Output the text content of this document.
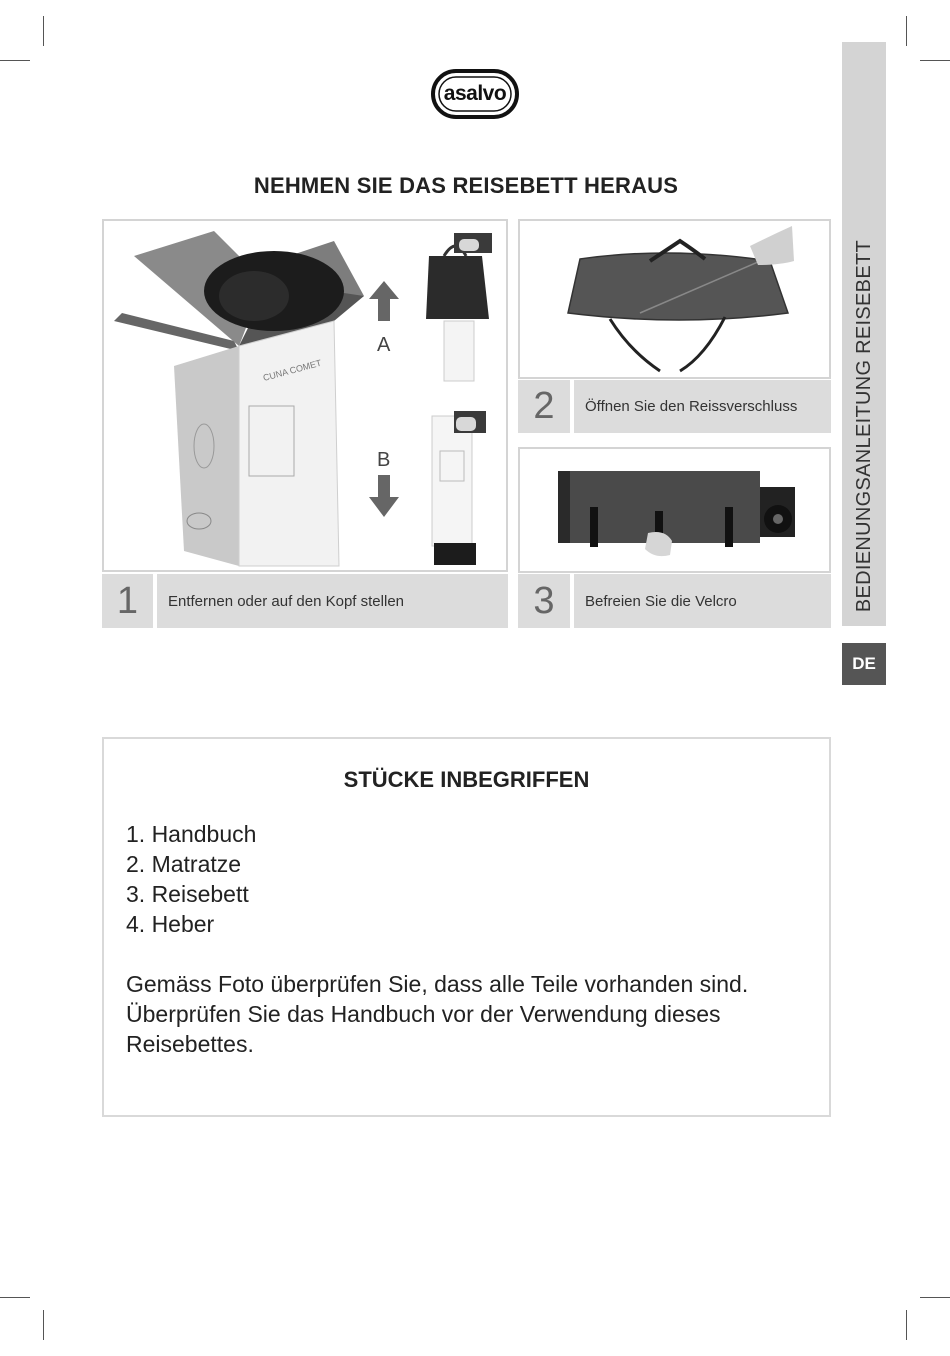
asalvo
NEHMEN SIE DAS REISEBETT HERAUS
CUNA COMET
A
B
1	Entfernen oder auf den Kopf stellen
2	Öffnen Sie den Reissverschluss
3	Befreien Sie die Velcro	BEDIENUNGSANLEITUNG REISEBETT
DE
STÜCKE INBEGRIFFEN
1. Handbuch
2. Matratze
3. Reisebett
4. Heber
Gemäss Foto überprüfen Sie, dass alle Teile vorhanden sind. Überprüfen Sie das Handbuch vor der Verwendung dieses Reisebettes.
